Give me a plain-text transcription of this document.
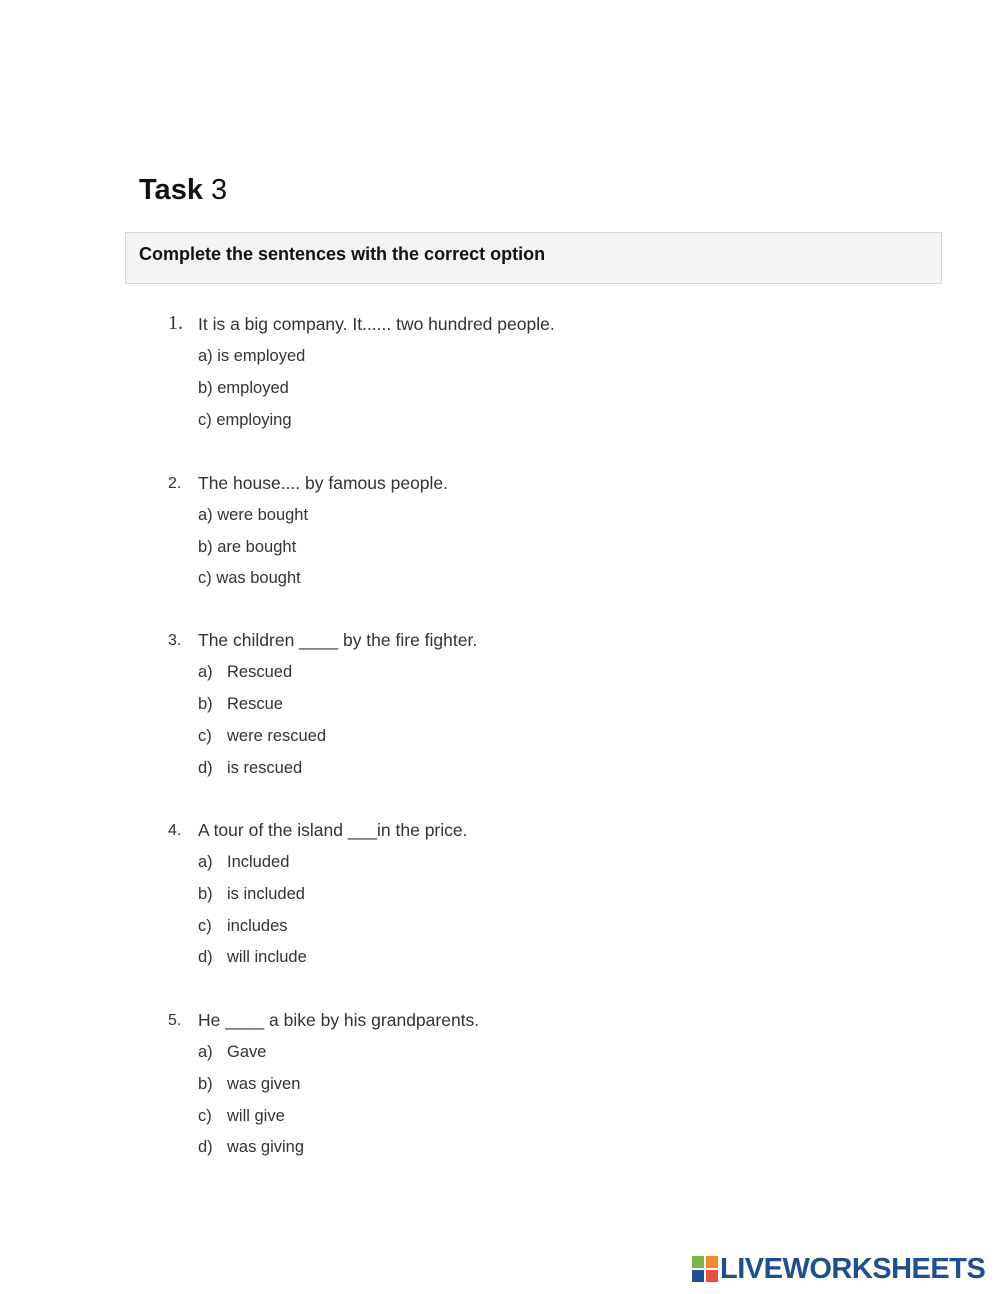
Task 3
Complete the sentences with the correct option
1. It is a big company. It...... two hundred people.
a) is employed
b) employed
c) employing
2. The house.... by famous people.
a) were bought
b) are bought
c) was bought
3. The children ____ by the fire fighter.
a) Rescued
b) Rescue
c) were rescued
d) is rescued
4. A tour of the island ___in the price.
a) Included
b) is included
c) includes
d) will include
5. He ____ a bike by his grandparents.
a) Gave
b) was given
c) will give
d) was giving
LIVEWORKSHEETS
